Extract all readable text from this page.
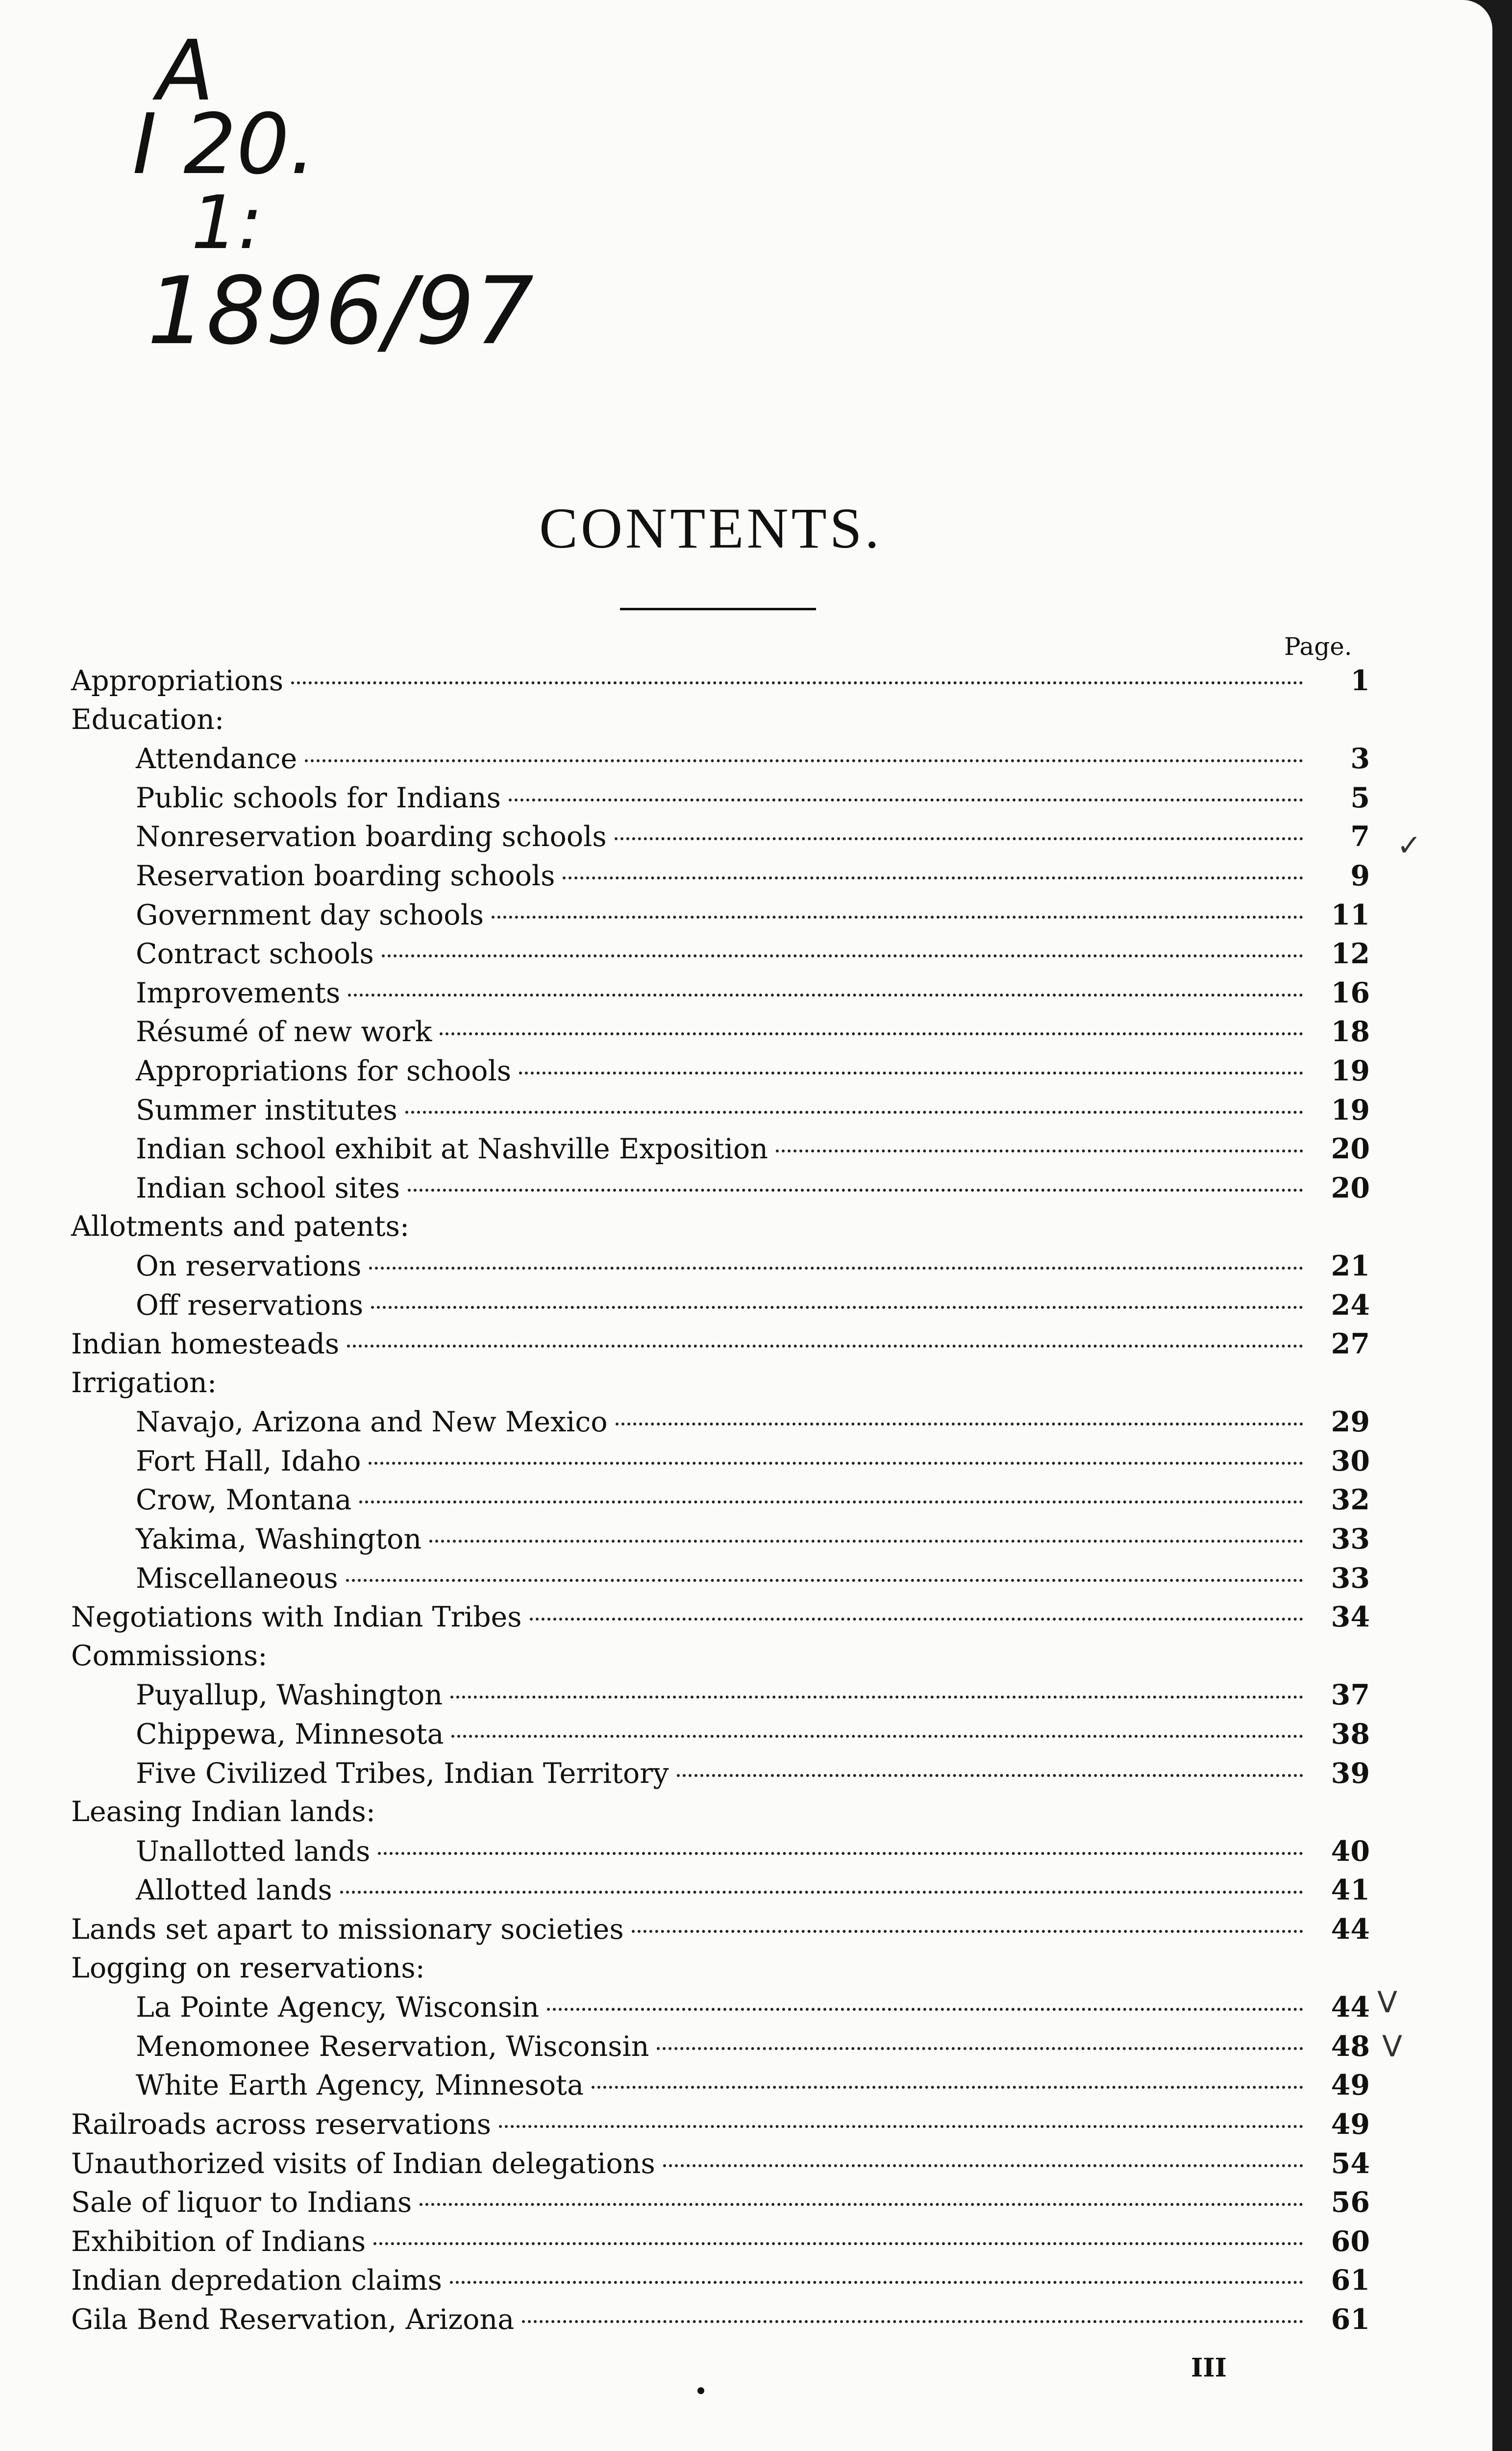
A
I 20.
1:
1896/97
CONTENTS.
Page.
Appropriations	1
Education:
Attendance	3
Public schools for Indians	5
Nonreservation boarding schools	7
Reservation boarding schools	9
Government day schools	11
Contract schools	12
Improvements	16
Résumé of new work	18
Appropriations for schools	19
Summer institutes	19
Indian school exhibit at Nashville Exposition	20
Indian school sites	20
Allotments and patents:
On reservations	21
Off reservations	24
Indian homesteads	27
Irrigation:
Navajo, Arizona and New Mexico	29
Fort Hall, Idaho	30
Crow, Montana	32
Yakima, Washington	33
Miscellaneous	33
Negotiations with Indian Tribes	34
Commissions:
Puyallup, Washington	37
Chippewa, Minnesota	38
Five Civilized Tribes, Indian Territory	39
Leasing Indian lands:
Unallotted lands	40
Allotted lands	41
Lands set apart to missionary societies	44
Logging on reservations:
La Pointe Agency, Wisconsin	44
Menomonee Reservation, Wisconsin	48
White Earth Agency, Minnesota	49
Railroads across reservations	49
Unauthorized visits of Indian delegations	54
Sale of liquor to Indians	56
Exhibition of Indians	60
Indian depredation claims	61
Gila Bend Reservation, Arizona	61
✓
V
V
III
